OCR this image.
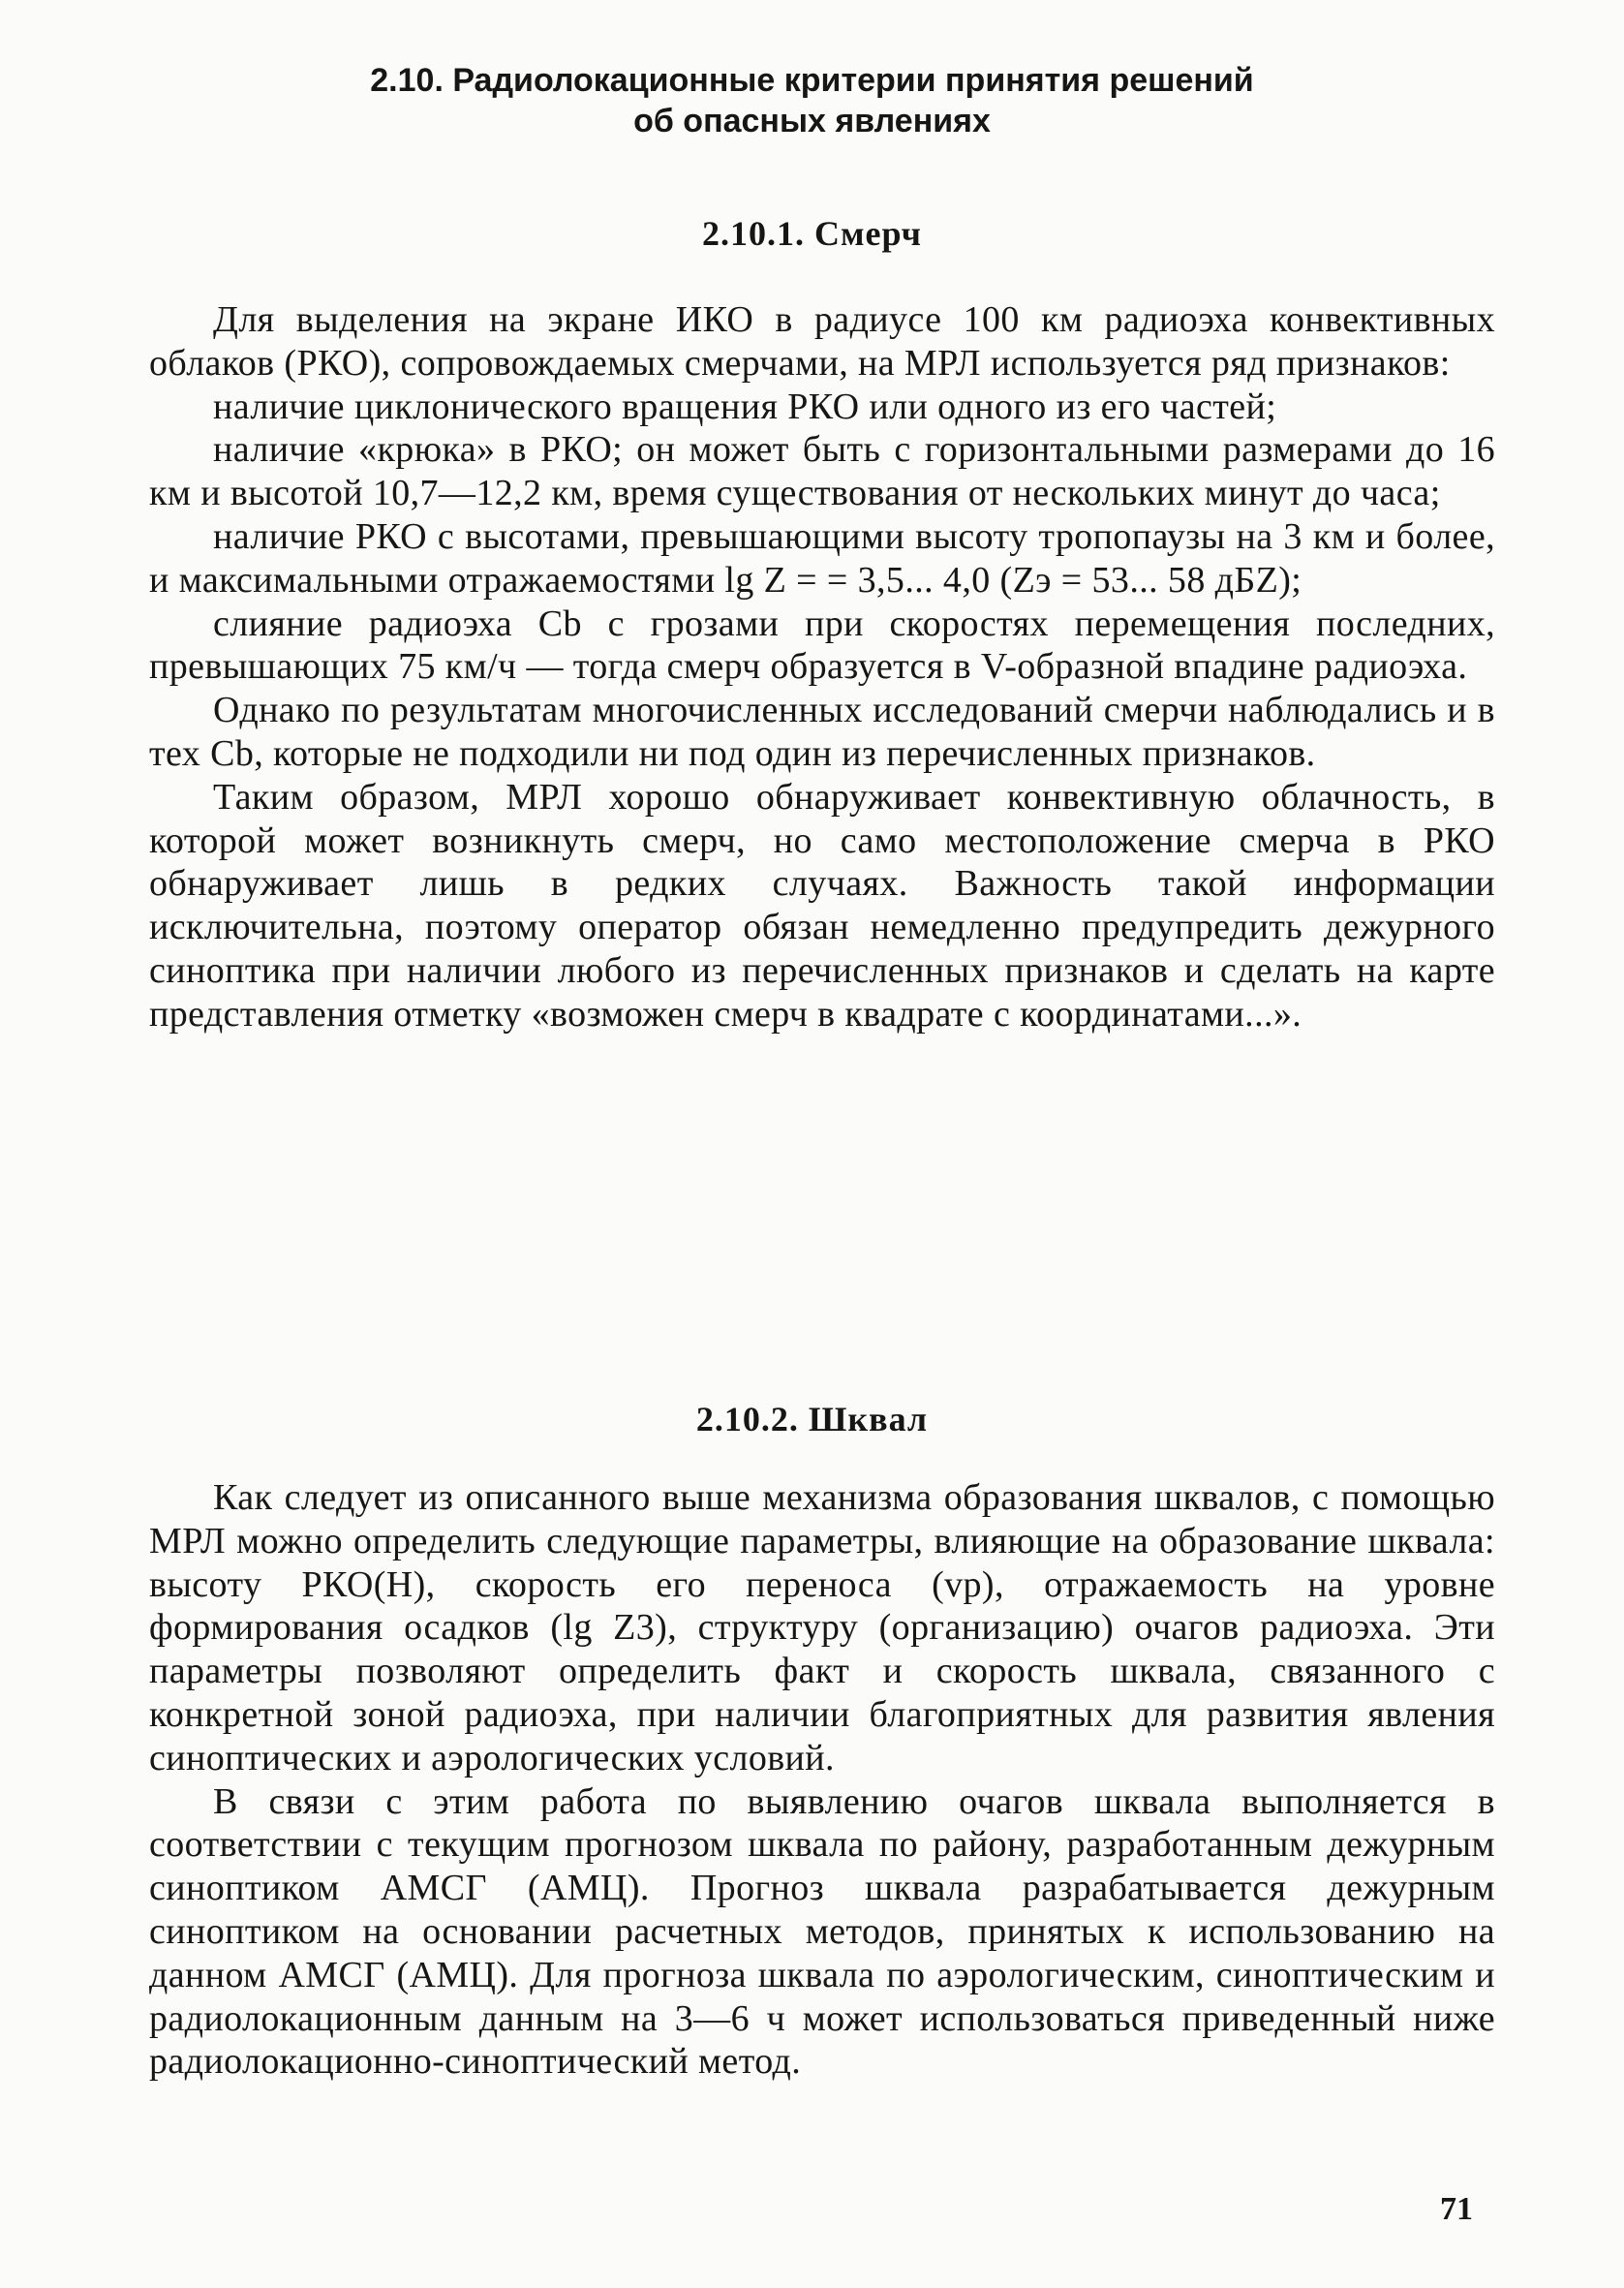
2.10. Радиолокационные критерии принятия решений
об опасных явлениях
2.10.1. Смерч

Для выделения на экране ИКО в радиусе 100 км радиоэха конвективных облаков (РКО), сопровождаемых смерчами, на МРЛ используется ряд признаков:

наличие циклонического вращения РКО или одного из его частей;

наличие «крюка» в РКО; он может быть с горизонтальными размерами до 16 км и высотой 10,7—12,2 км, время существования от нескольких минут до часа;

наличие РКО с высотами, превышающими высоту тропопаузы на 3 км и более, и максимальными отражаемостями lg Z = = 3,5... 4,0 (Zэ = 53... 58 дБZ);

слияние радиоэха Cb с грозами при скоростях перемещения последних, превышающих 75 км/ч — тогда смерч образуется в V-образной впадине радиоэха.

Однако по результатам многочисленных исследований смерчи наблюдались и в тех Cb, которые не подходили ни под один из перечисленных признаков.

Таким образом, МРЛ хорошо обнаруживает конвективную облачность, в которой может возникнуть смерч, но само местоположение смерча в РКО обнаруживает лишь в редких случаях. Важность такой информации исключительна, поэтому оператор обязан немедленно предупредить дежурного синоптика при наличии любого из перечисленных признаков и сделать на карте представления отметку «возможен смерч в квадрате с координатами...».

2.10.2. Шквал

Как следует из описанного выше механизма образования шквалов, с помощью МРЛ можно определить следующие параметры, влияющие на образование шквала: высоту РКО(H), скорость его переноса (vр), отражаемость на уровне формирования осадков (lg Z3), структуру (организацию) очагов радиоэха. Эти параметры позволяют определить факт и скорость шквала, связанного с конкретной зоной радиоэха, при наличии благоприятных для развития явления синоптических и аэрологических условий.

В связи с этим работа по выявлению очагов шквала выполняется в соответствии с текущим прогнозом шквала по району, разработанным дежурным синоптиком АМСГ (АМЦ). Прогноз шквала разрабатывается дежурным синоптиком на основании расчетных методов, принятых к использованию на данном АМСГ (АМЦ). Для прогноза шквала по аэрологическим, синоптическим и радиолокационным данным на 3—6 ч может использоваться приведенный ниже радиолокационно-синоптический метод.

71
